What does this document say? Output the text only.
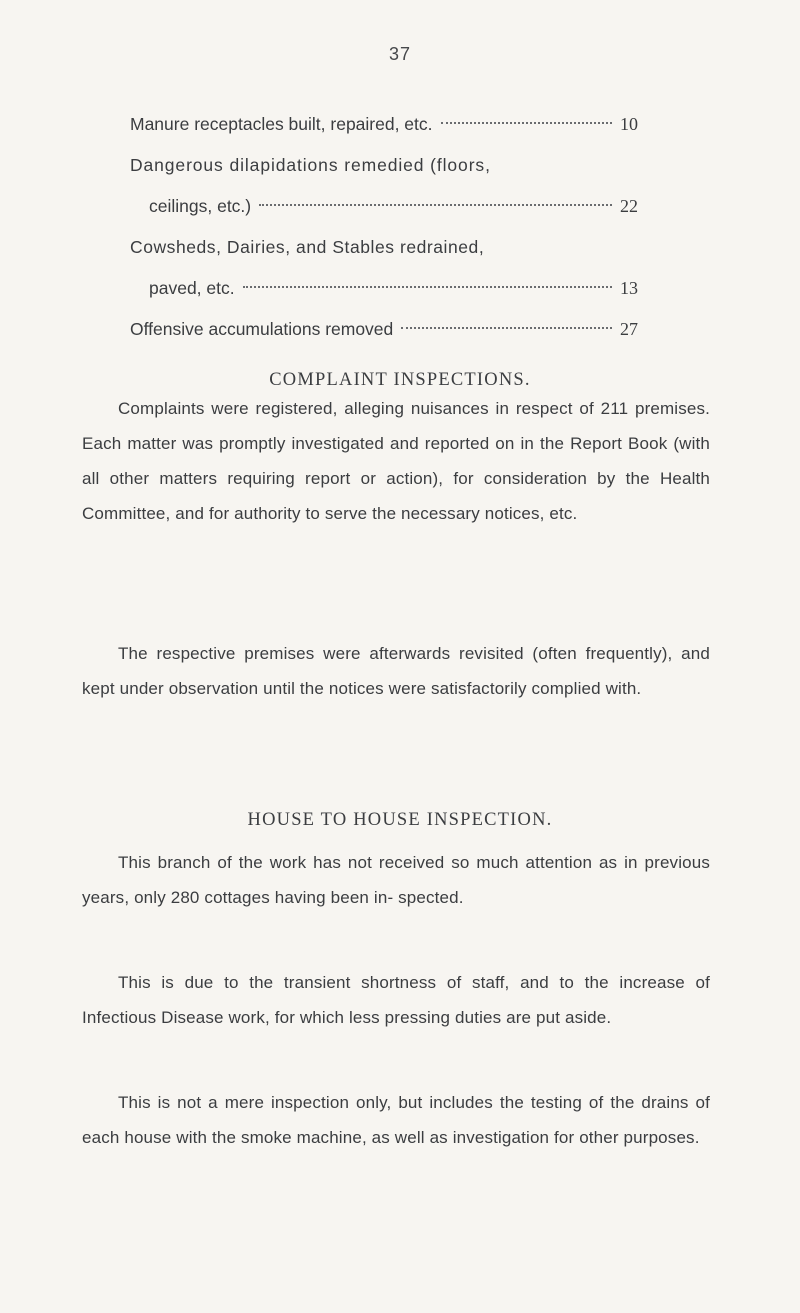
37
Manure receptacles built, repaired, etc.	10
Dangerous dilapidations remedied (floors,
ceilings, etc.)	22
Cowsheds, Dairies, and Stables redrained,
paved, etc.	13
Offensive accumulations removed	27
COMPLAINT INSPECTIONS.
Complaints were registered, alleging nuisances in respect of 211 premises. Each matter was promptly investigated and reported on in the Report Book (with all other matters requiring report or action), for consideration by the Health Committee, and for authority to serve the necessary notices, etc.
The respective premises were afterwards revisited (often frequently), and kept under observation until the notices were satisfactorily complied with.
HOUSE TO HOUSE INSPECTION.
This branch of the work has not received so much attention as in previous years, only 280 cottages having been in- spected.
This is due to the transient shortness of staff, and to the increase of Infectious Disease work, for which less pressing duties are put aside.
This is not a mere inspection only, but includes the testing of the drains of each house with the smoke machine, as well as investigation for other purposes.
